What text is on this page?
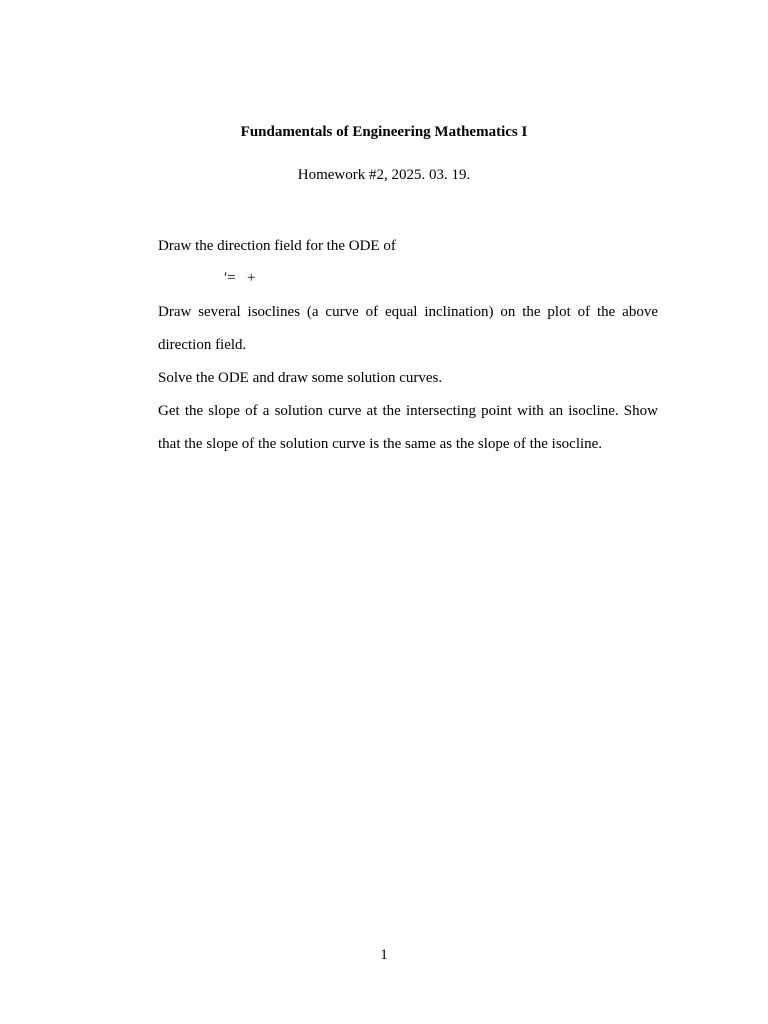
Fundamentals of Engineering Mathematics I
Homework #2, 2025. 03. 19.
Draw the direction field for the ODE of
′=   +
Draw several isoclines (a curve of equal inclination) on the plot of the above
direction field.
Solve the ODE and draw some solution curves.
Get the slope of a solution curve at the intersecting point with an isocline. Show
that the slope of the solution curve is the same as the slope of the isocline.
1
